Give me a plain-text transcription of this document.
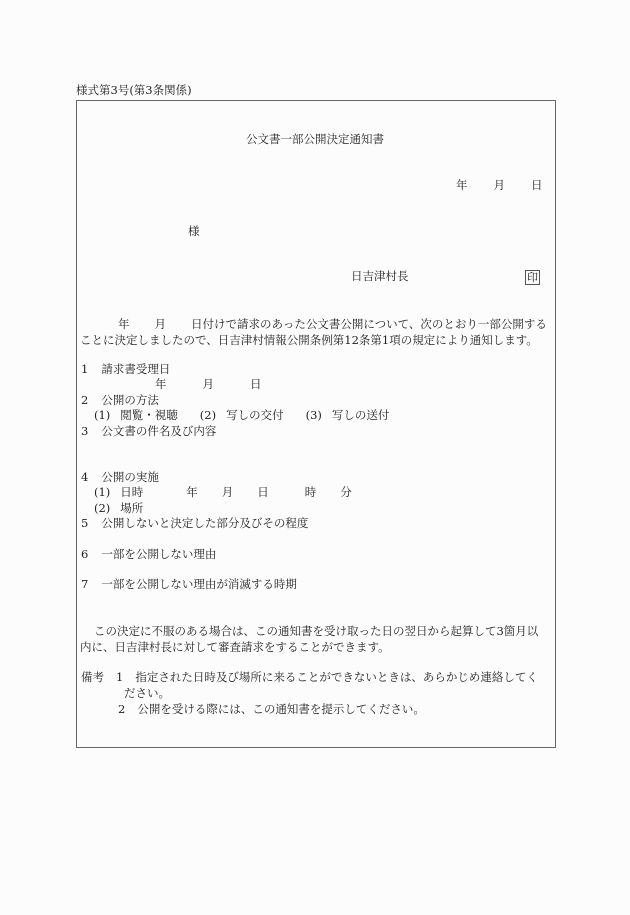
様式第3号(第3条関係)
公文書一部公開決定通知書
年 月 日
様
日吉津村長	印
年 月 日付けで請求のあった公文書公開について、次のとおり一部公開する
ことに決定しましたので、日吉津村情報公開条例第12条第1項の規定により通知します。
1 請求書受理日
年	月	日
2 公開の方法
(1) 閲覧・視聴 (2) 写しの交付 (3) 写しの送付
3 公文書の件名及び内容
4 公開の実施
(1) 日時	年 月 日	時 分
(2) 場所
5 公開しないと決定した部分及びその程度
6 一部を公開しない理由
7 一部を公開しない理由が消滅する時期
この決定に不服のある場合は、この通知書を受け取った日の翌日から起算して3箇月以
内に、日吉津村長に対して審査請求をすることができます。
備考 1 指定された日時及び場所に来ることができないときは、あらかじめ連絡してく
ださい。
2 公開を受ける際には、この通知書を提示してください。
